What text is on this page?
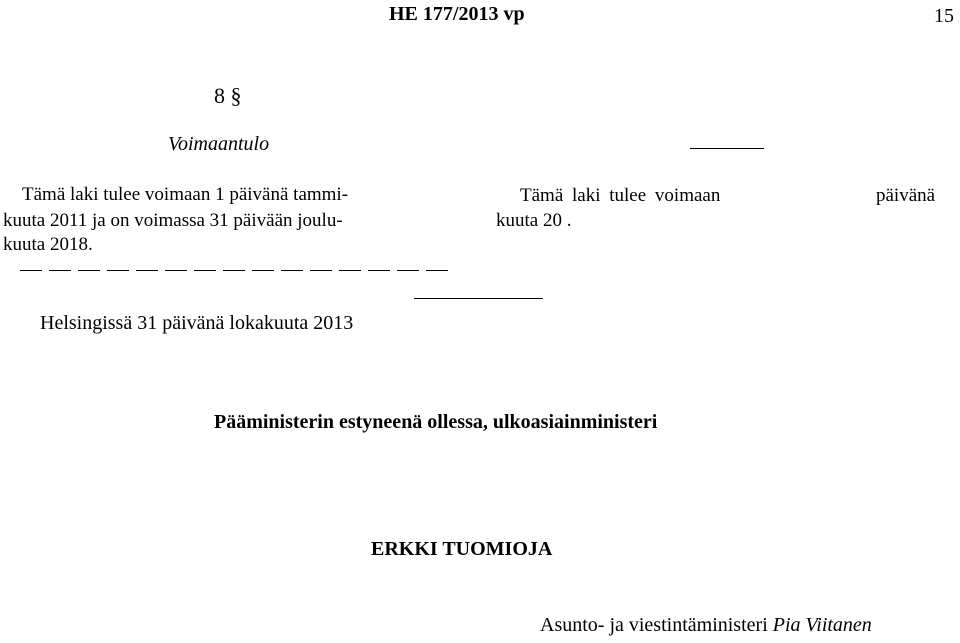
HE 177/2013 vp	15
8 §
Voimaantulo
Tämä laki tulee voimaan 1 päivänä tammi-
kuuta 2011 ja on voimassa 31 päivään joulu-
kuuta 2018.
Tämä laki tulee voimaan	päivänä
kuuta 20 .
Helsingissä 31 päivänä lokakuuta 2013
Pääministerin estyneenä ollessa, ulkoasiainministeri
ERKKI TUOMIOJA
Asunto- ja viestintäministeri Pia Viitanen
